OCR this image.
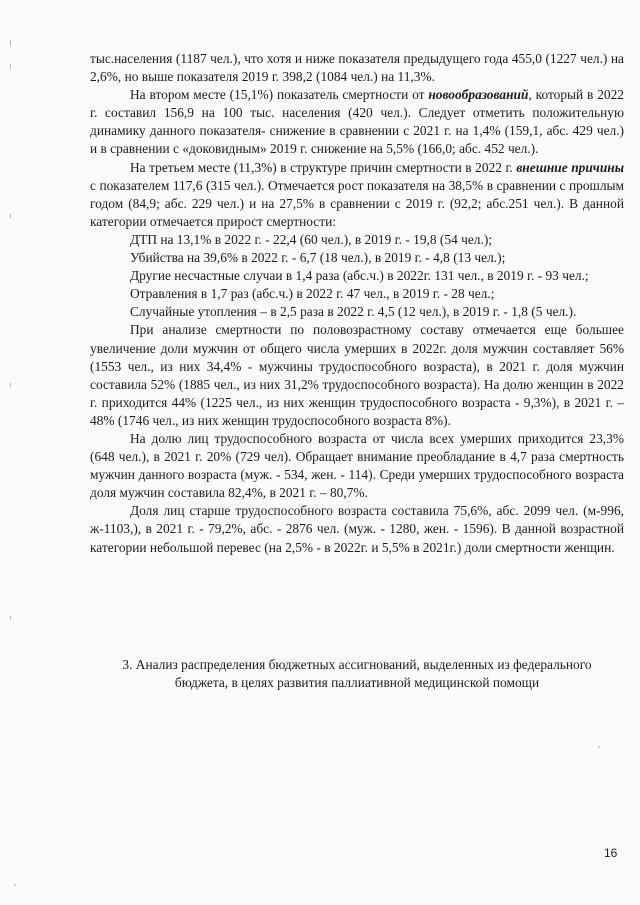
тыс.населения (1187 чел.), что хотя и ниже показателя предыдущего года 455,0 (1227 чел.) на 2,6%, но выше показателя 2019 г. 398,2 (1084 чел.) на 11,3%.

На втором месте (15,1%) показатель смертности от новообразований, который в 2022 г. составил 156,9 на 100 тыс. населения (420 чел.). Следует отметить положительную динамику данного показателя- снижение в сравнении с 2021 г. на 1,4% (159,1, абс. 429 чел.) и в сравнении с «доковидным» 2019 г. снижение на 5,5% (166,0; абс. 452 чел.).

На третьем месте (11,3%) в структуре причин смертности в 2022 г. внешние причины с показателем 117,6 (315 чел.). Отмечается рост показателя на 38,5% в сравнении с прошлым годом (84,9; абс. 229 чел.) и на 27,5% в сравнении с 2019 г. (92,2; абс.251 чел.). В данной категории отмечается прирост смертности:

ДТП на 13,1% в 2022 г. - 22,4 (60 чел.), в 2019 г. - 19,8 (54 чел.);

Убийства на 39,6% в 2022 г. - 6,7 (18 чел.), в 2019 г. - 4,8 (13 чел.);

Другие несчастные случаи в 1,4 раза (абс.ч.) в 2022г. 131 чел., в 2019 г. - 93 чел.;

Отравления в 1,7 раз (абс.ч.) в 2022 г. 47 чел., в 2019 г. - 28 чел.;

Случайные утопления – в 2,5 раза в 2022 г. 4,5 (12 чел.), в 2019 г. - 1,8 (5 чел.).

При анализе смертности по половозрастному составу отмечается еще большее увеличение доли мужчин от общего числа умерших в 2022г. доля мужчин составляет 56% (1553 чел., из них 34,4% - мужчины трудоспособного возраста), в 2021 г. доля мужчин составила 52% (1885 чел., из них 31,2% трудоспособного возраста). На долю женщин в 2022 г. приходится 44% (1225 чел., из них женщин трудоспособного возраста - 9,3%), в 2021 г. – 48% (1746 чел., из них женщин трудоспособного возраста 8%).

На долю лиц трудоспособного возраста от числа всех умерших приходится 23,3% (648 чел.), в 2021 г. 20% (729 чел). Обращает внимание преобладание в 4,7 раза смертность мужчин данного возраста (муж. - 534, жен. - 114). Среди умерших трудоспособного возраста доля мужчин составила 82,4%, в 2021 г. – 80,7%.

Доля лиц старше трудоспособного возраста составила 75,6%, абс. 2099 чел. (м-996, ж-1103,), в 2021 г. - 79,2%, абс. - 2876 чел. (муж. - 1280, жен. - 1596). В данной возрастной категории небольшой перевес (на 2,5% - в 2022г. и 5,5% в 2021г.) доли смертности женщин.

3. Анализ распределения бюджетных ассигнований, выделенных из федерального
бюджета, в целях развития паллиативной медицинской помощи
16
